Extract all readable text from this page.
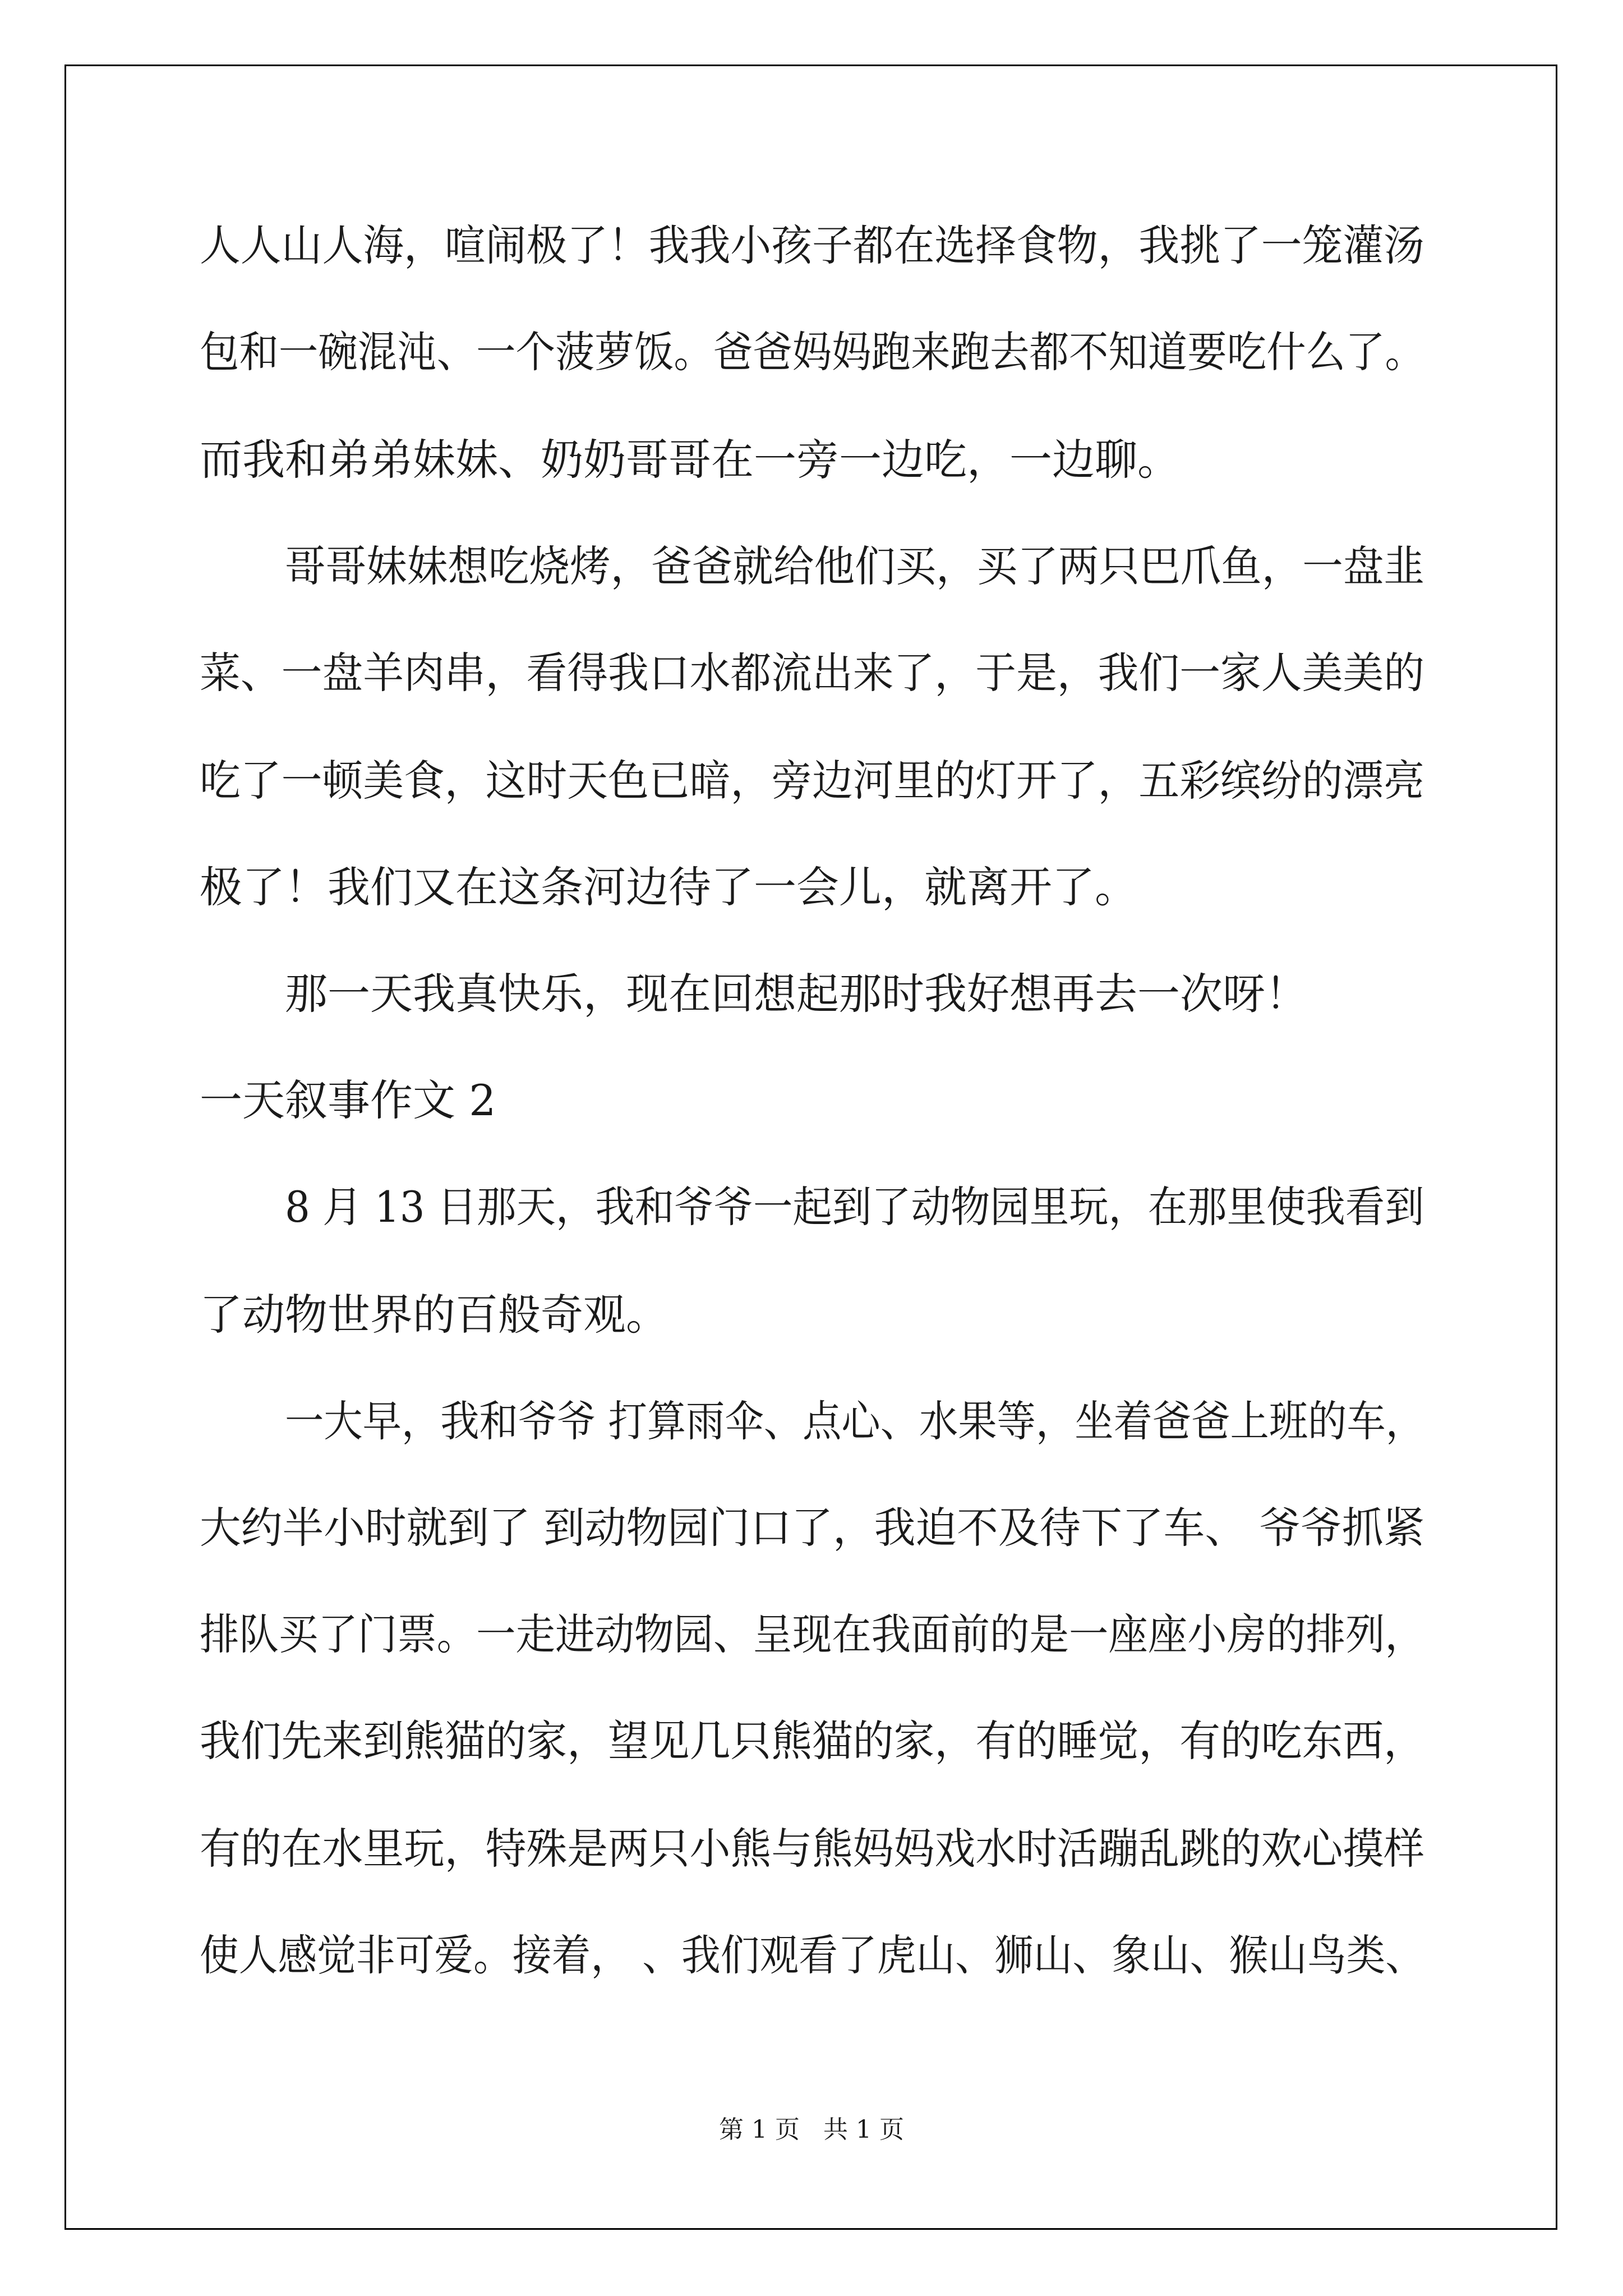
人人山人海，喧闹极了！我我小孩子都在选择食物，我挑了一笼灌汤
包和一碗混沌、一个菠萝饭。爸爸妈妈跑来跑去都不知道要吃什么了。
而我和弟弟妹妹、奶奶哥哥在一旁一边吃，一边聊。
哥哥妹妹想吃烧烤，爸爸就给他们买，买了两只巴爪鱼，一盘韭
菜、一盘羊肉串，看得我口水都流出来了，于是，我们一家人美美的
吃了一顿美食，这时天色已暗，旁边河里的灯开了，五彩缤纷的漂亮
极了！我们又在这条河边待了一会儿，就离开了。
那一天我真快乐，现在回想起那时我好想再去一次呀！
一天叙事作文 2
8 月 13 日那天，我和爷爷一起到了动物园里玩，在那里使我看到
了动物世界的百般奇观。
一大早，我和爷爷 打算雨伞、点心、水果等，坐着爸爸上班的车，
大约半小时就到了 到动物园门口了，我迫不及待下了车、 爷爷抓紧
排队买了门票。一走进动物园、呈现在我面前的是一座座小房的排列，
我们先来到熊猫的家，望见几只熊猫的家，有的睡觉，有的吃东西，
有的在水里玩，特殊是两只小熊与熊妈妈戏水时活蹦乱跳的欢心摸样
使人感觉非可爱。接着， 、我们观看了虎山、狮山、象山、猴山鸟类、
第 1 页   共 1 页
